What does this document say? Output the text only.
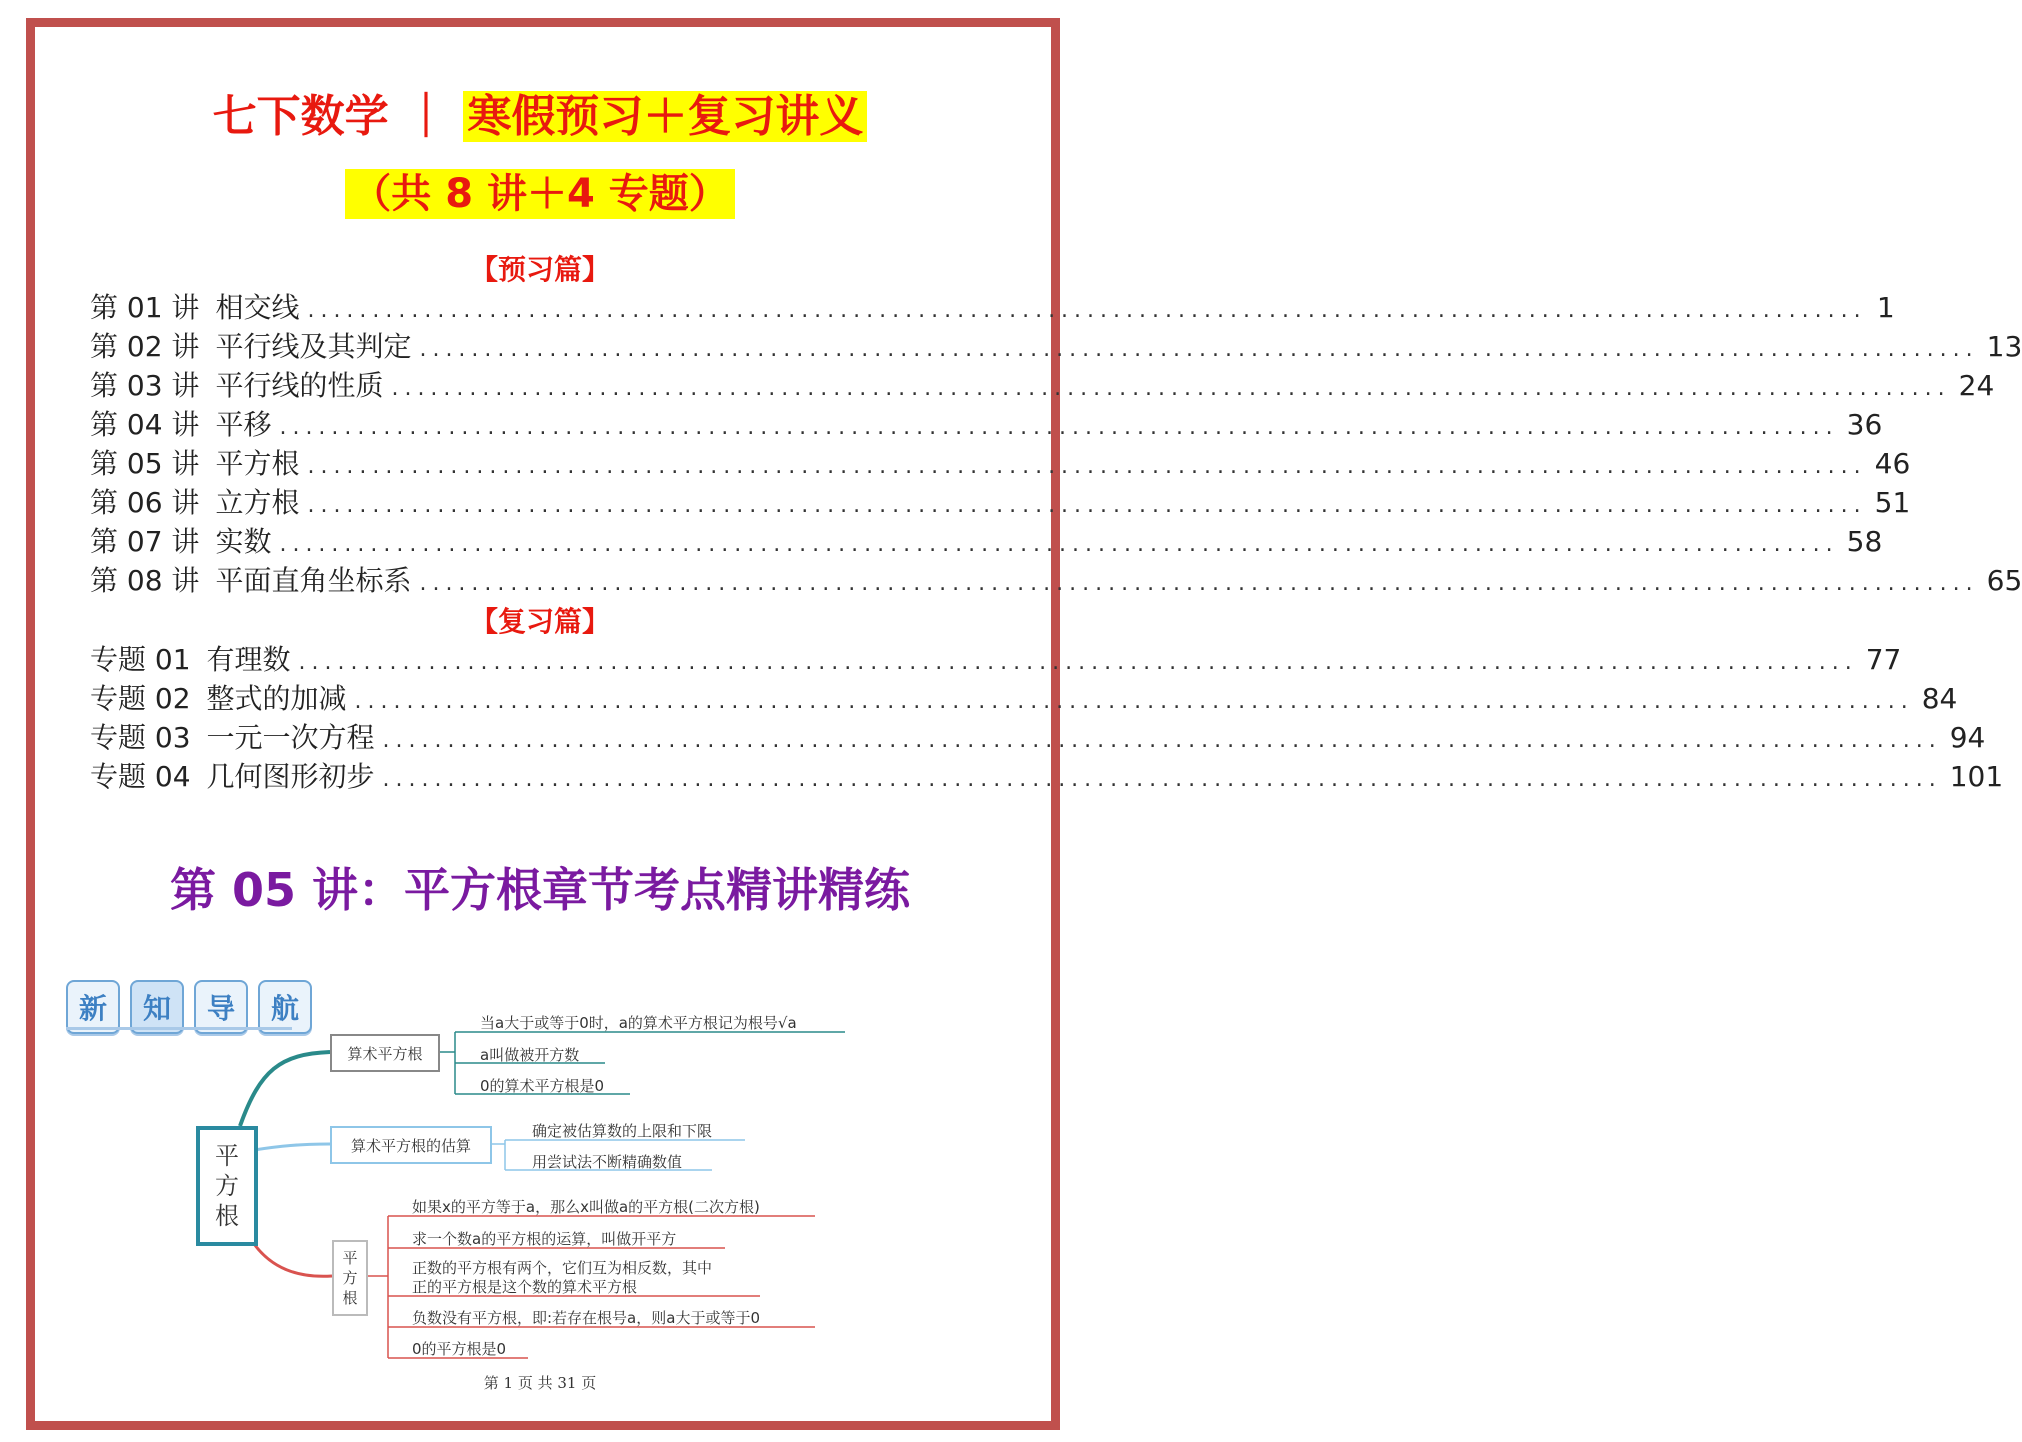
七下数学 ｜ 寒假预习＋复习讲义
（共 8 讲＋4 专题）
【预习篇】
第 01 讲 相交线 ........................................................................................................................ 1
第 02 讲 平行线及其判定 ........................................................................................................................ 13
第 03 讲 平行线的性质 ........................................................................................................................ 24
第 04 讲 平移 ........................................................................................................................ 36
第 05 讲 平方根 ........................................................................................................................ 46
第 06 讲 立方根 ........................................................................................................................ 51
第 07 讲 实数 ........................................................................................................................ 58
第 08 讲 平面直角坐标系 ........................................................................................................................ 65
【复习篇】
专题 01 有理数 ........................................................................................................................ 77
专题 02 整式的加减 ........................................................................................................................ 84
专题 03 一元一次方程 ........................................................................................................................ 94
专题 04 几何图形初步 ........................................................................................................................ 101
第 05 讲：平方根章节考点精讲精练
新	知	导	航
平
方
根
算术平方根
当a大于或等于0时，a的算术平方根记为根号√a
a叫做被开方数
0的算术平方根是0
算术平方根的估算
确定被估算数的上限和下限
用尝试法不断精确数值
平
方
根
如果x的平方等于a，那么x叫做a的平方根(二次方根)
求一个数a的平方根的运算，叫做开平方
正数的平方根有两个，它们互为相反数，其中
正的平方根是这个数的算术平方根
负数没有平方根，即:若存在根号a，则a大于或等于0
0的平方根是0
第 1 页 共 31 页
